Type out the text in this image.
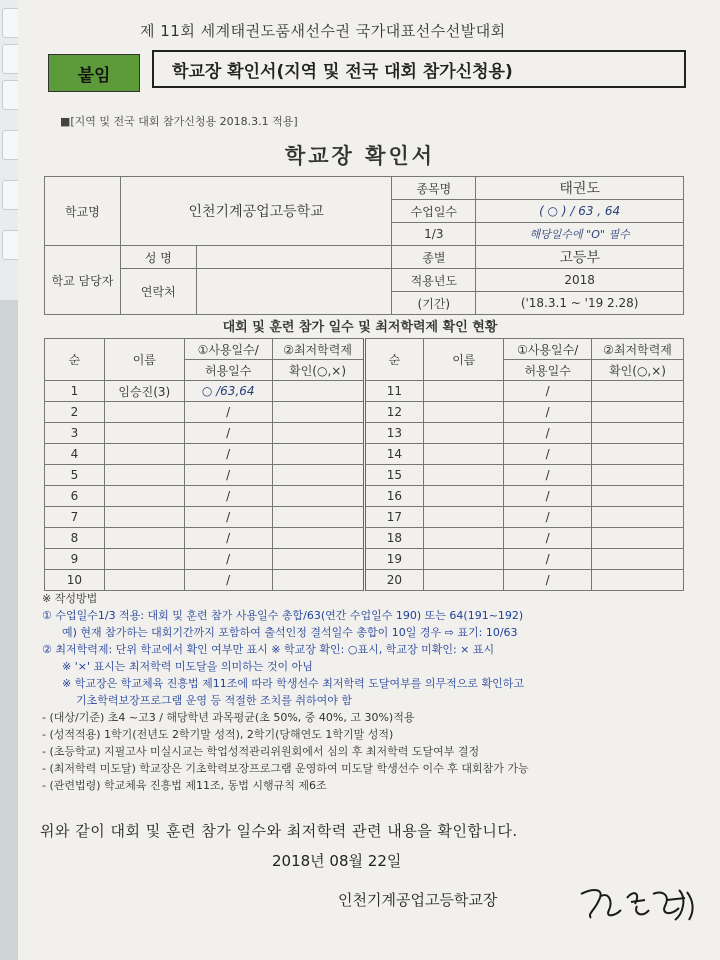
제 11회 세계태권도품새선수권 국가대표선수선발대회
붙임	학교장 확인서(지역 및 전국 대회 참가신청용)
■[지역 및 전국 대회 참가신청용 2018.3.1 적용]
학교장 확인서
학교명	인천기계공업고등학교		종목명	태권도
			수업일수	( ○ ) / 63 , 64
			1/3	해당일수에 "O" 필수
학교 담당자	성 명		종별	고등부
	연락처		적용년도	2018
			(기간)	('18.3.1 ~ '19 2.28)
대회 및 훈련 참가 일수 및 최저학력제 확인 현황
순	이름	①사용일수/	②최저학력제	순	이름	①사용일수/	②최저학력제
		허용일수	확인(○,×)			허용일수	확인(○,×)
1	임승진(3)	○ /63,64		11		/	
2		/		12		/	
3		/		13		/	
4		/		14		/	
5		/		15		/	
6		/		16		/	
7		/		17		/	
8		/		18		/	
9		/		19		/	
10		/		20		/	
※ 작성방법
① 수업일수1/3 적용: 대회 및 훈련 참가 사용일수 총합/63(연간 수업일수 190) 또는 64(191~192)
예) 현재 참가하는 대회기간까지 포함하여 출석인정 결석일수 총합이 10일 경우 ⇨ 표기: 10/63
② 최저학력제: 단위 학교에서 확인 여부만 표시 ※ 학교장 확인: ○표시, 학교장 미확인: × 표시
※ '×' 표시는 최저학력 미도달을 의미하는 것이 아님
※ 학교장은 학교체육 진흥법 제11조에 따라 학생선수 최저학력 도달여부를 의무적으로 확인하고
기초학력보장프로그램 운영 등 적절한 조치를 취하여야 함
- (대상/기준) 초4 ~고3 / 해당학년 과목평균(초 50%, 중 40%, 고 30%)적용
- (성적적용) 1학기(전년도 2학기말 성적), 2학기(당해연도 1학기말 성적)
- (초등학교) 지필고사 미실시교는 학업성적관리위원회에서 심의 후 최저학력 도달여부 결정
- (최저학력 미도달) 학교장은 기초학력보장프로그램 운영하여 미도달 학생선수 이수 후 대회참가 가능
- (관련법령) 학교체육 진흥법 제11조, 동법 시행규칙 제6조
위와 같이 대회 및 훈련 참가 일수와 최저학력 관련 내용을 확인합니다.
2018년 08월 22일
인천기계공업고등학교장
